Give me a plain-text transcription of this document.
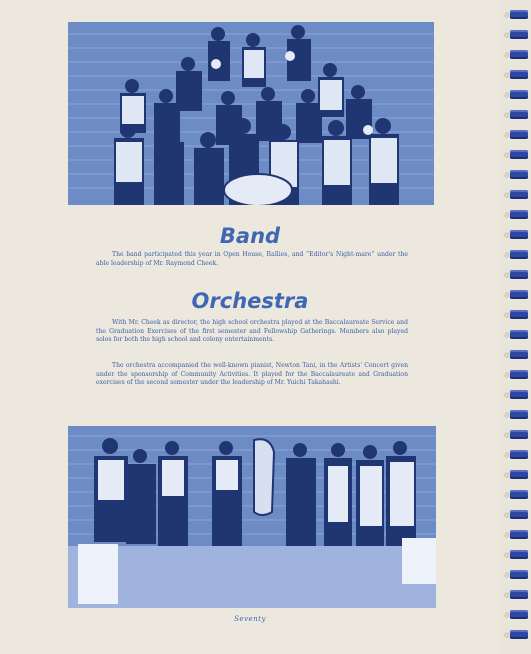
Band

The band participated this year in Open House, Rallies, and “Editor's Night-mare” under the able leadership of Mr. Raymond Cheek.

Orchestra

With Mr. Cheek as director, the high school orchestra played at the Baccalaureate Service and the Graduation Exercises of the first semester and Fellowship Gatherings. Members also played solos for both the high school and colony entertainments.

The orchestra accompanied the well-known pianist, Newton Tani, in the Artists' Concert given under the sponsorship of Community Activities. It played for the Baccalaureate and Graduation exercises of the second semester under the leadership of Mr. Yuichi Takahashi.

Seventy
